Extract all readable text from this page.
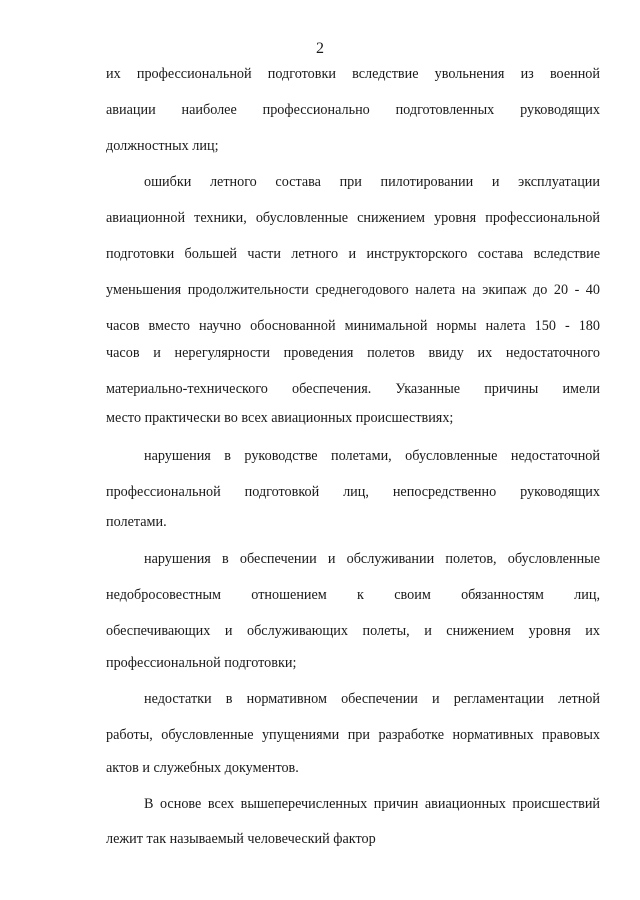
2
их профессиональной подготовки вследствие увольнения из военной
авиации наиболее профессионально подготовленных руководящих
должностных лиц;
ошибки летного состава при пилотировании и эксплуатации
авиационной техники, обусловленные снижением уровня профессиональной
подготовки большей части летного и инструкторского состава вследствие
уменьшения продолжительности среднегодового налета на экипаж до 20 - 40
часов вместо научно обоснованной минимальной нормы налета 150 - 180
часов и нерегулярности проведения полетов ввиду их недостаточного
материально-технического обеспечения. Указанные причины имели
место практически во всех авиационных происшествиях;
нарушения в руководстве полетами, обусловленные недостаточной
профессиональной подготовкой лиц, непосредственно руководящих
полетами.
нарушения в обеспечении и обслуживании полетов, обусловленные
недобросовестным отношением к своим обязанностям лиц,
обеспечивающих и обслуживающих полеты, и снижением уровня их
профессиональной подготовки;
недостатки в нормативном обеспечении и регламентации летной
работы, обусловленные упущениями при разработке нормативных правовых
актов и служебных документов.
В основе всех вышеперечисленных причин авиационных происшествий
лежит так называемый человеческий фактор
